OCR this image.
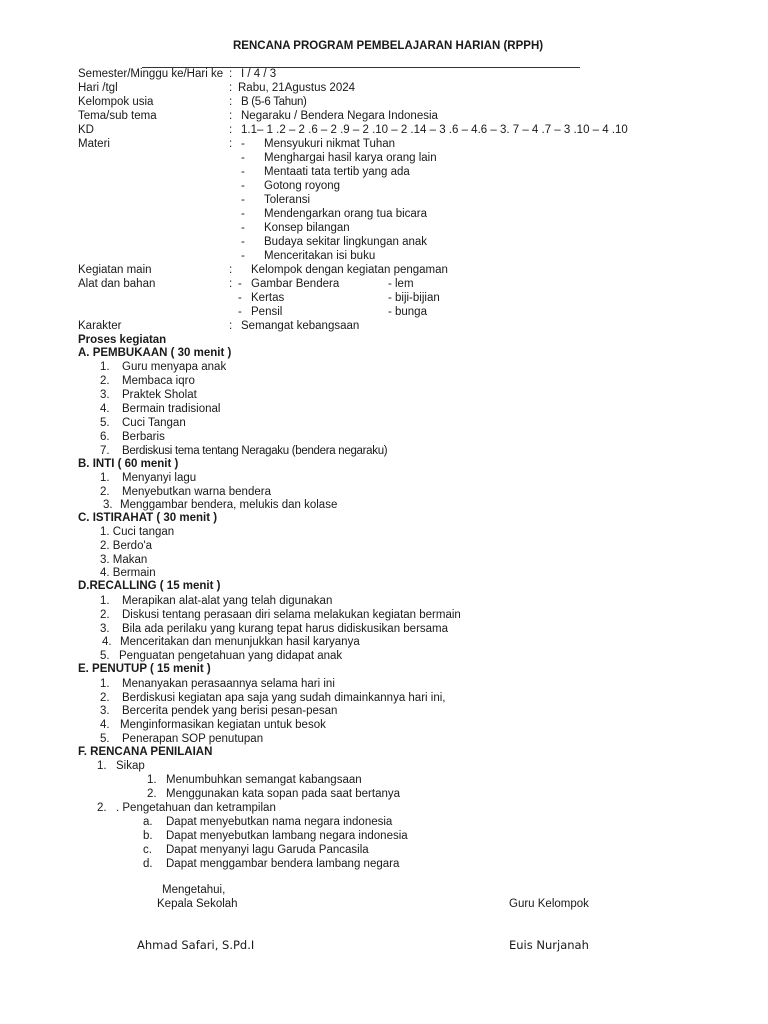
RENCANA PROGRAM PEMBELAJARAN HARIAN (RPPH)
Semester/Minggu ke/Hari ke : I / 4 / 3
Hari /tgl	: Rabu, 21Agustus 2024
Kelompok usia	: B (5-6 Tahun)
Tema/sub tema	: Negaraku / Bendera Negara Indonesia
KD	: 1.1– 1 .2 – 2 .6 – 2 .9 – 2 .10 – 2 .14 – 3 .6 – 4.6 – 3. 7 – 4 .7 – 3 .10 – 4 .10
Materi	: - Mensyukuri nikmat Tuhan
- Menghargai hasil karya orang lain
- Mentaati tata tertib yang ada
- Gotong royong
- Toleransi
- Mendengarkan orang tua bicara
- Konsep bilangan
- Budaya sekitar lingkungan anak
- Menceritakan isi buku
Kegiatan main	: Kelompok dengan kegiatan pengaman
Alat dan bahan	: - Gambar Bendera	- lem
- Kertas	- biji-bijian
- Pensil	- bunga
Karakter	: Semangat kebangsaan
Proses kegiatan
A. PEMBUKAAN ( 30 menit )
1. Guru menyapa anak
2. Membaca iqro
3. Praktek Sholat
4. Bermain tradisional
5. Cuci Tangan
6. Berbaris
7. Berdiskusi tema tentang Neragaku (bendera negaraku)
B. INTI ( 60 menit )
1. Menyanyi lagu
2. Menyebutkan warna bendera
3. Menggambar bendera, melukis dan kolase
C. ISTIRAHAT ( 30 menit )
1. Cuci tangan
2. Berdo'a
3. Makan
4. Bermain
D.RECALLING ( 15 menit )
1. Merapikan alat-alat yang telah digunakan
2. Diskusi tentang perasaan diri selama melakukan kegiatan bermain
3. Bila ada perilaku yang kurang tepat harus didiskusikan bersama
4. Menceritakan dan menunjukkan hasil karyanya
5. Penguatan pengetahuan yang didapat anak
E. PENUTUP ( 15 menit )
1. Menanyakan perasaannya selama hari ini
2. Berdiskusi kegiatan apa saja yang sudah dimainkannya hari ini,
3. Bercerita pendek yang berisi pesan-pesan
4. Menginformasikan kegiatan untuk besok
5. Penerapan SOP penutupan
F. RENCANA PENILAIAN
1. Sikap
1. Menumbuhkan semangat kabangsaan
2. Menggunakan kata sopan pada saat bertanya
2. . Pengetahuan dan ketrampilan
a. Dapat menyebutkan nama negara indonesia
b. Dapat menyebutkan lambang negara indonesia
c. Dapat menyanyi lagu Garuda Pancasila
d. Dapat menggambar bendera lambang negara
Mengetahui,
Kepala Sekolah	Guru Kelompok
Ahmad Safari, S.Pd.I	Euis Nurjanah
